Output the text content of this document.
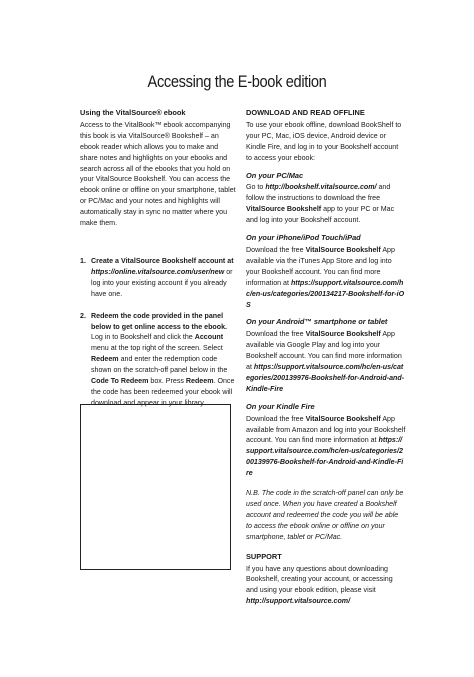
Accessing the E-book edition
Using the VitalSource® ebook
Access to the VitalBook™ ebook accompanying this book is via VitalSource® Bookshelf – an ebook reader which allows you to make and share notes and highlights on your ebooks and search across all of the ebooks that you hold on your VitalSource Bookshelf. You can access the ebook online or offline on your smartphone, tablet or PC/Mac and your notes and highlights will automatically stay in sync no matter where you make them.
1. Create a VitalSource Bookshelf account at https://online.vitalsource.com/user/new or log into your existing account if you already have one.
2. Redeem the code provided in the panel below to get online access to the ebook. Log in to Bookshelf and click the Account menu at the top right of the screen. Select Redeem and enter the redemption code shown on the scratch-off panel below in the Code To Redeem box. Press Redeem. Once the code has been redeemed your ebook will download and appear in your library.
DOWNLOAD AND READ OFFLINE
To use your ebook offline, download BookShelf to your PC, Mac, iOS device, Android device or Kindle Fire, and log in to your Bookshelf account to access your ebook:
On your PC/Mac
Go to http://bookshelf.vitalsource.com/ and follow the instructions to download the free VitalSource Bookshelf app to your PC or Mac and log into your Bookshelf account.
On your iPhone/iPod Touch/iPad
Download the free VitalSource Bookshelf App available via the iTunes App Store and log into your Bookshelf account. You can find more information at https://support.vitalsource.com/hc/en-us/categories/200134217-Bookshelf-for-iOS
On your Android™ smartphone or tablet
Download the free VitalSource Bookshelf App available via Google Play and log into your Bookshelf account. You can find more information at https://support.vitalsource.com/hc/en-us/categories/200139976-Bookshelf-for-Android-and-Kindle-Fire
On your Kindle Fire
Download the free VitalSource Bookshelf App available from Amazon and log into your Bookshelf account. You can find more information at https://support.vitalsource.com/hc/en-us/categories/200139976-Bookshelf-for-Android-and-Kindle-Fire
N.B. The code in the scratch-off panel can only be used once. When you have created a Bookshelf account and redeemed the code you will be able to access the ebook online or offline on your smartphone, tablet or PC/Mac.
SUPPORT
If you have any questions about downloading Bookshelf, creating your account, or accessing and using your ebook edition, please visit http://support.vitalsource.com/
